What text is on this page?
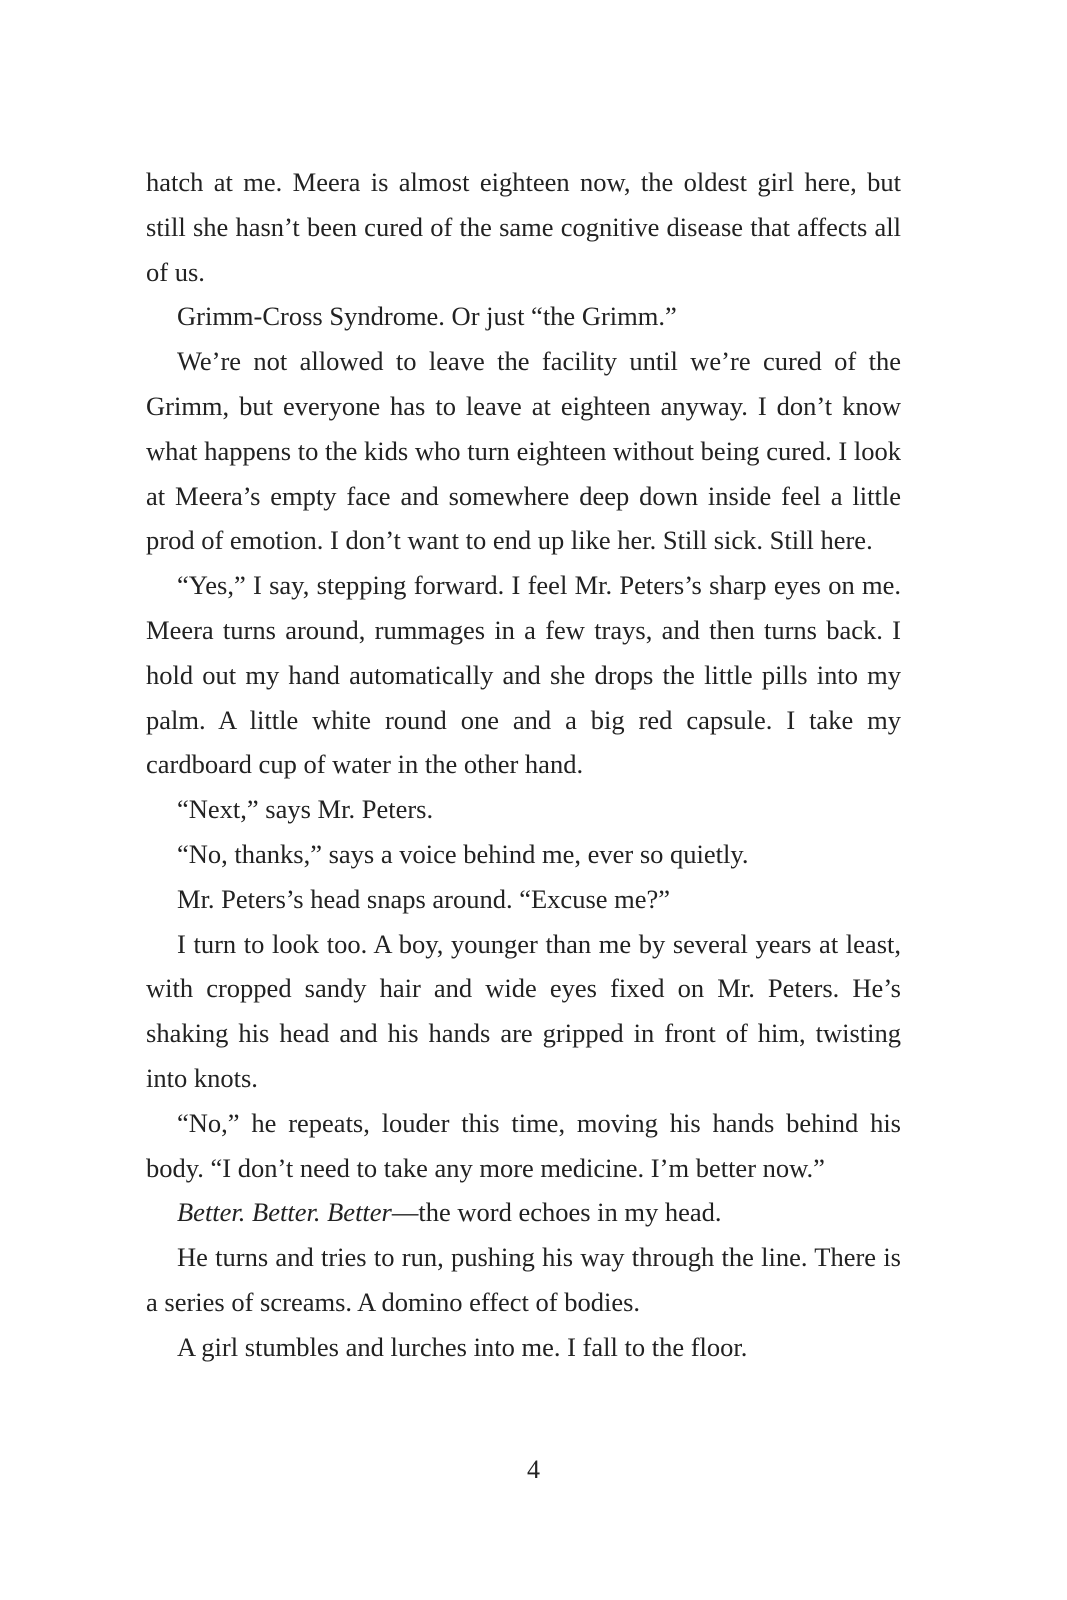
hatch at me. Meera is almost eighteen now, the oldest girl here, but still she hasn’t been cured of the same cognitive disease that affects all of us.

Grimm-Cross Syndrome. Or just “the Grimm.”

We’re not allowed to leave the facility until we’re cured of the Grimm, but everyone has to leave at eighteen anyway. I don’t know what happens to the kids who turn eighteen without being cured. I look at Meera’s empty face and somewhere deep down inside feel a little prod of emotion. I don’t want to end up like her. Still sick. Still here.

“Yes,” I say, stepping forward. I feel Mr. Peters’s sharp eyes on me. Meera turns around, rummages in a few trays, and then turns back. I hold out my hand automatically and she drops the little pills into my palm. A little white round one and a big red capsule. I take my cardboard cup of water in the other hand.

“Next,” says Mr. Peters.

“No, thanks,” says a voice behind me, ever so quietly.

Mr. Peters’s head snaps around. “Excuse me?”

I turn to look too. A boy, younger than me by several years at least, with cropped sandy hair and wide eyes fixed on Mr. Peters. He’s shaking his head and his hands are gripped in front of him, twisting into knots.

“No,” he repeats, louder this time, moving his hands behind his body. “I don’t need to take any more medicine. I’m better now.”

Better. Better. Better—the word echoes in my head.

He turns and tries to run, pushing his way through the line. There is a series of screams. A domino effect of bodies.

A girl stumbles and lurches into me. I fall to the floor.

4
